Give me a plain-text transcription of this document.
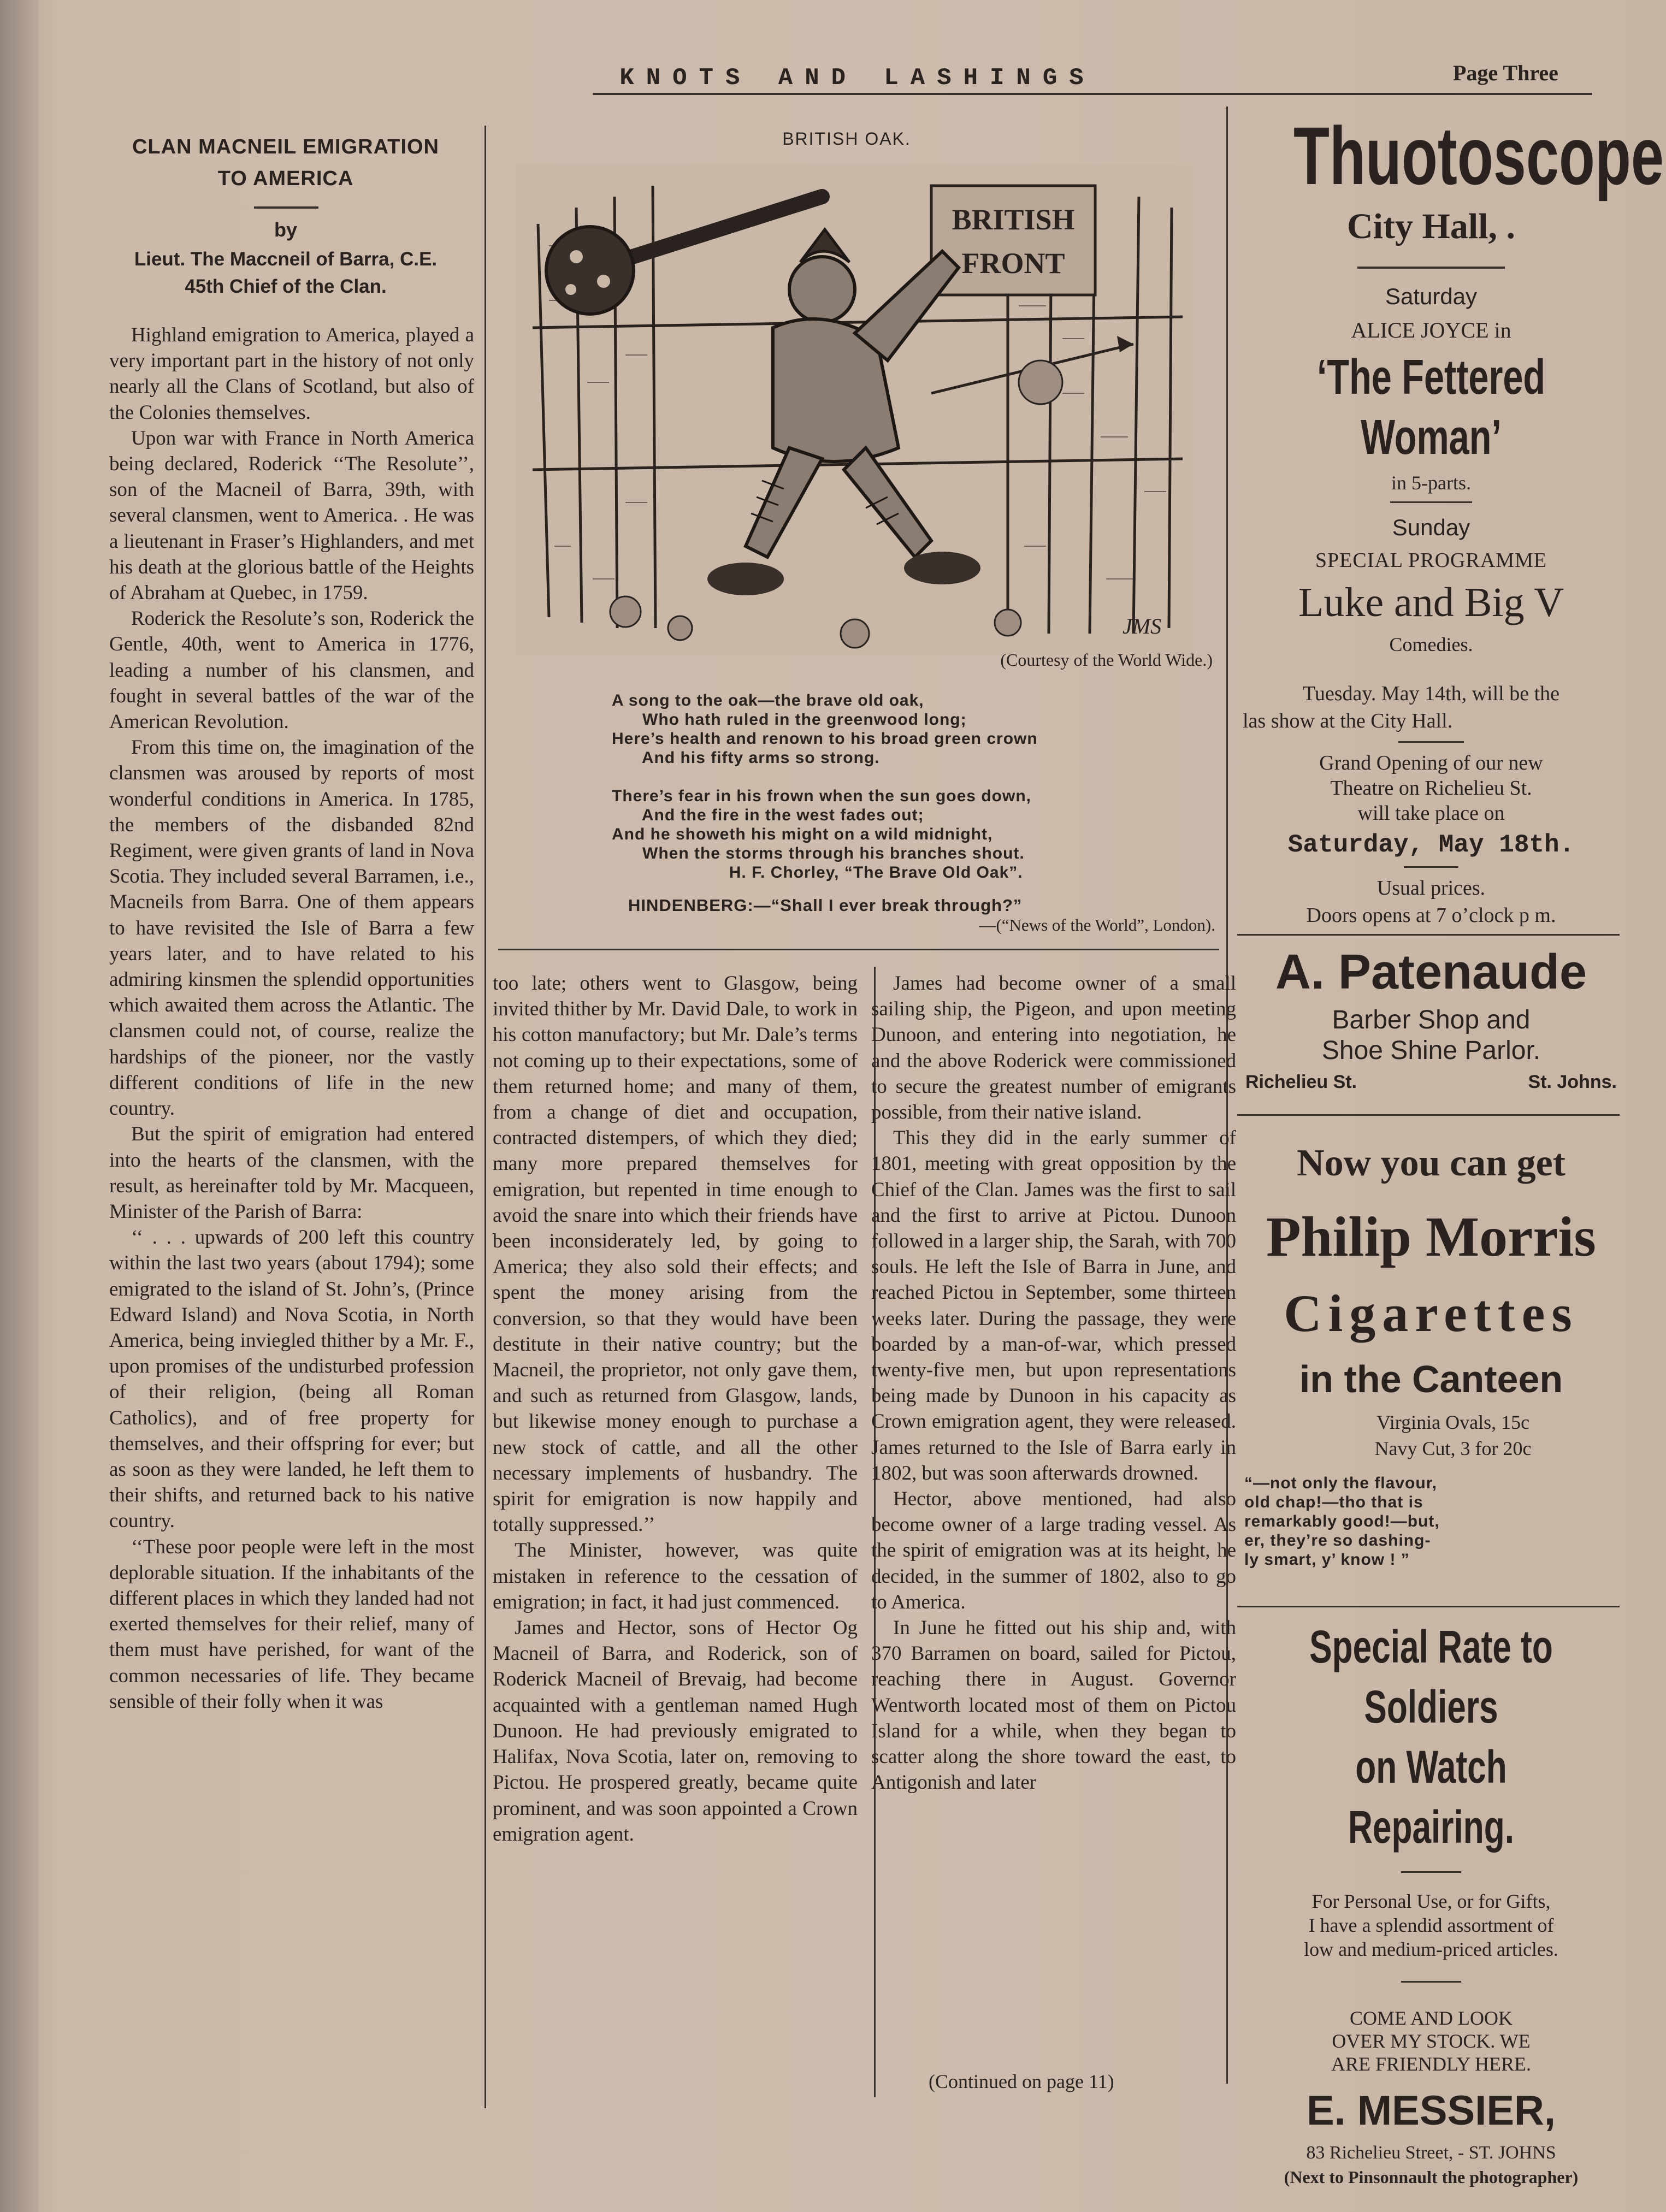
KNOTS AND LASHINGS	Page Three
CLAN MACNEIL EMIGRATION
TO AMERICA
by
Lieut. The Maccneil of Barra, C.E.
45th Chief of the Clan.

Highland emigration to America, played a very important part in the history of not only nearly all the Clans of Scotland, but also of the Colonies themselves.

Upon war with France in North America being declared, Roderick ‘‘The Resolute’’, son of the Macneil of Barra, 39th, with several clansmen, went to America. . He was a lieutenant in Fraser’s Highlanders, and met his death at the glorious battle of the Heights of Abraham at Quebec, in 1759.

Roderick the Resolute’s son, Roderick the Gentle, 40th, went to America in 1776, leading a number of his clansmen, and fought in several battles of the war of the American Revolution.

From this time on, the imagination of the clansmen was aroused by reports of most wonderful conditions in America. In 1785, the members of the disbanded 82nd Regiment, were given grants of land in Nova Scotia. They included several Barramen, i.e., Macneils from Barra. One of them appears to have revisited the Isle of Barra a few years later, and to have related to his admiring kinsmen the splendid opportunities which awaited them across the Atlantic. The clansmen could not, of course, realize the hardships of the pioneer, nor the vastly different conditions of life in the new country.

But the spirit of emigration had entered into the hearts of the clansmen, with the result, as hereinafter told by Mr. Macqueen, Minister of the Parish of Barra:

‘‘ . . . upwards of 200 left this country within the last two years (about 1794); some emigrated to the island of St. John’s, (Prince Edward Island) and Nova Scotia, in North America, being inviegled thither by a Mr. F., upon promises of the undisturbed profession of their religion, (being all Roman Catholics), and of free property for themselves, and their offspring for ever; but as soon as they were landed, he left them to their shifts, and returned back to his native country.

‘‘These poor people were left in the most deplorable situation. If the inhabitants of the different places in which they landed had not exerted themselves for their relief, many of them must have perished, for want of the common necessaries of life. They became sensible of their folly when it was

too late; others went to Glasgow, being invited thither by Mr. David Dale, to work in his cotton manufactory; but Mr. Dale’s terms not coming up to their expectations, some of them returned home; and many of them, from a change of diet and occupation, contracted distempers, of which they died; many more prepared themselves for emigration, but repented in time enough to avoid the snare into which their friends have been inconsiderately led, by going to America; they also sold their effects; and spent the money arising from the conversion, so that they would have been destitute in their native country; but the Macneil, the proprietor, not only gave them, and such as returned from Glasgow, lands, but likewise money enough to purchase a new stock of cattle, and all the other necessary implements of husbandry. The spirit for emigration is now happily and totally suppressed.’’

The Minister, however, was quite mistaken in reference to the cessation of emigration; in fact, it had just commenced.

James and Hector, sons of Hector Og Macneil of Barra, and Roderick, son of Roderick Macneil of Brevaig, had become acquainted with a gentleman named Hugh Dunoon. He had previously emigrated to Halifax, Nova Scotia, later on, removing to Pictou. He prospered greatly, became quite prominent, and was soon appointed a Crown emigration agent.

James had become owner of a small sailing ship, the Pigeon, and upon meeting Dunoon, and entering into negotiation, he and the above Roderick were commissioned to secure the greatest number of emigrants possible, from their native island.

This they did in the early summer of 1801, meeting with great opposition by the Chief of the Clan. James was the first to sail and the first to arrive at Pictou. Dunoon followed in a larger ship, the Sarah, with 700 souls. He left the Isle of Barra in June, and reached Pictou in September, some thirteen weeks later. During the passage, they were boarded by a man-of-war, which pressed twenty-five men, but upon representations being made by Dunoon in his capacity as Crown emigration agent, they were released. James returned to the Isle of Barra early in 1802, but was soon afterwards drowned.

Hector, above mentioned, had also become owner of a large trading vessel. As the spirit of emigration was at its height, he decided, in the summer of 1802, also to go to America.

In June he fitted out his ship and, with 370 Barramen on board, sailed for Pictou, reaching there in August. Governor Wentworth located most of them on Pictou Island for a while, when they began to scatter along the shore toward the east, to Antigonish and later

(Continued on page 11)
BRITISH OAK.
BRITISH
FRONT
JMS
(Courtesy of the World Wide.)
A song to the oak—the brave old oak,
Who hath ruled in the greenwood long;
Here’s health and renown to his broad green crown
And his fifty arms so strong.

There’s fear in his frown when the sun goes down,
And the fire in the west fades out;
And he showeth his might on a wild midnight,
When the storms through his branches shout.
H. F. Chorley, “The Brave Old Oak”.
HINDENBERG:—“Shall I ever break through?”
—(“News of the World”, London).
Thuotoscope
City Hall, .
Saturday
ALICE JOYCE in
‘The Fettered Woman’
in 5-parts.
Sunday
SPECIAL PROGRAMME
Luke and Big V
Comedies.
Tuesday. May 14th, will be the
las show at the City Hall.
Grand Opening of our new
Theatre on Richelieu St.
will take place on
Saturday, May 18th.
Usual prices.
Doors opens at 7 o’clock p m.
A. Patenaude
Barber Shop and
Shoe Shine Parlor.
Richelieu St.	St. Johns.
Now you can get
Philip Morris
Cigarettes
in the Canteen
Virginia Ovals, 15c
Navy Cut, 3 for 20c
“—not only the flavour,
old chap!—tho that is
remarkably good!—but,
er, they’re so dashing-
ly smart, y’ know ! ”
Special Rate to Soldiers
on Watch Repairing.
For Personal Use, or for Gifts,
I have a splendid assortment of
low and medium-priced articles.
COME AND LOOK
OVER MY STOCK. WE
ARE FRIENDLY HERE.
E. MESSIER,
83 Richelieu Street, - ST. JOHNS
(Next to Pinsonnault the photographer)
